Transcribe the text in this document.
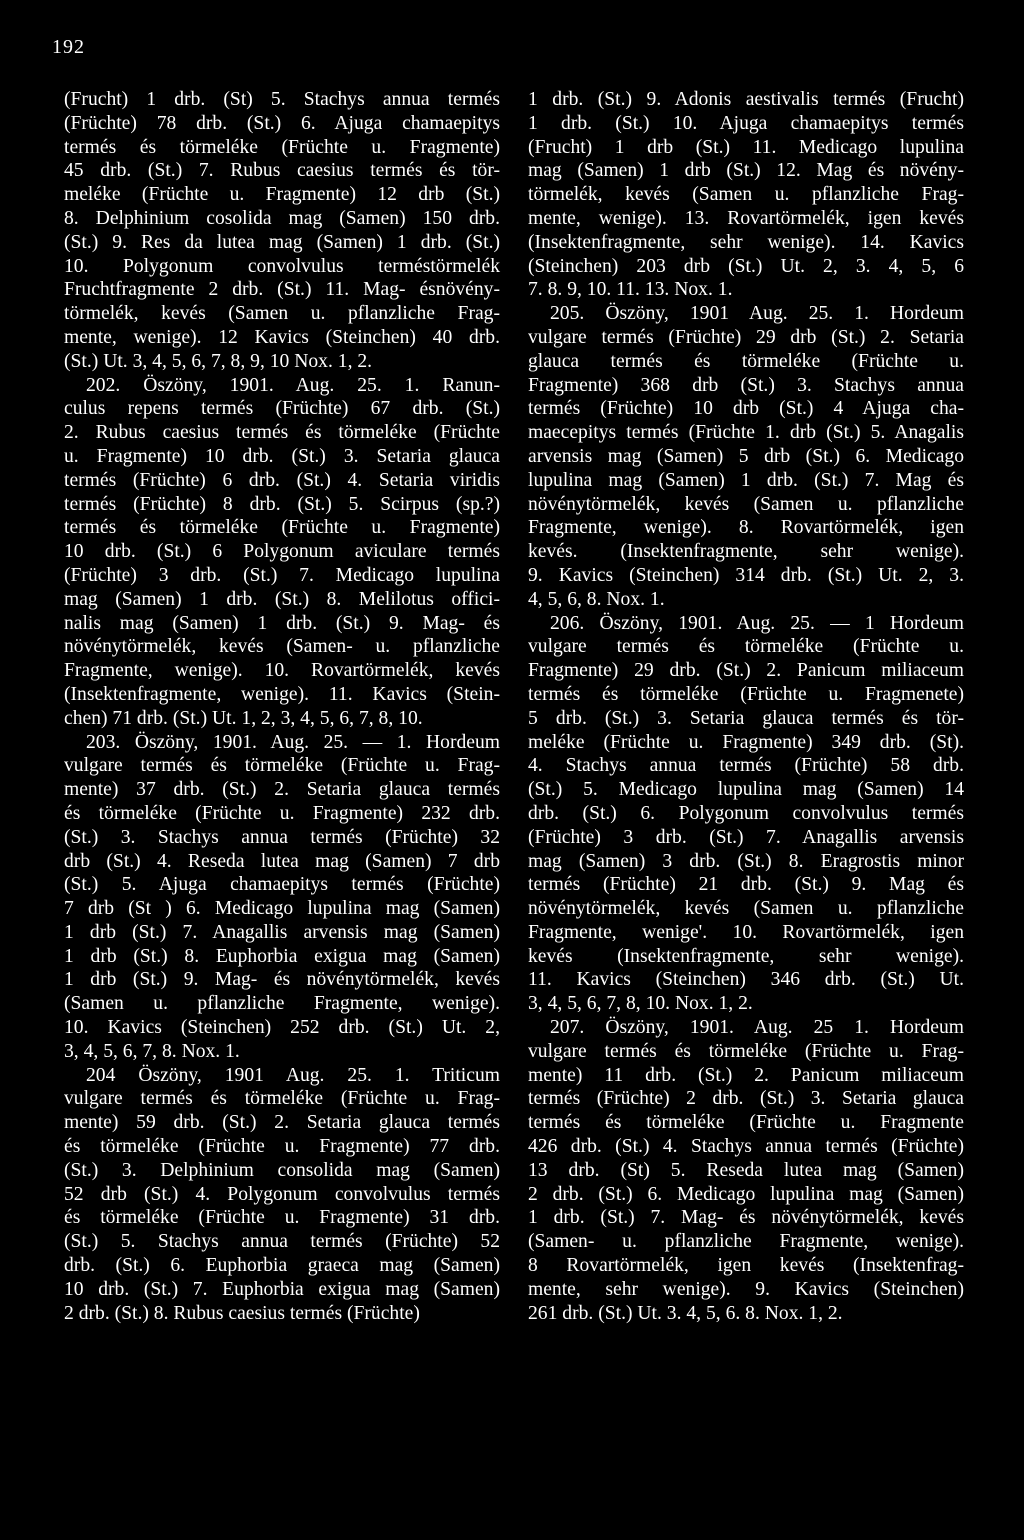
192
(Frucht) 1 drb. (St) 5. Stachys annua termés
(Früchte) 78 drb. (St.) 6. Ajuga chamaepitys
termés és törmeléke (Früchte u. Fragmente)
45 drb. (St.) 7. Rubus caesius termés és tör-
meléke (Früchte u. Fragmente) 12 drb (St.)
8. Delphinium cosolida mag (Samen) 150 drb.
(St.) 9. Res da lutea mag (Samen) 1 drb. (St.)
10. Polygonum convolvulus terméstörmelék
Fruchtfragmente 2 drb. (St.) 11. Mag- ésnövény-
törmelék, kevés (Samen u. pflanzliche Frag-
mente, wenige). 12 Kavics (Steinchen) 40 drb.
(St.) Ut. 3, 4, 5, 6, 7, 8, 9, 10 Nox. 1, 2.
202. Öszöny, 1901. Aug. 25. 1. Ranun-
culus repens termés (Früchte) 67 drb. (St.)
2. Rubus caesius termés és törmeléke (Früchte
u. Fragmente) 10 drb. (St.) 3. Setaria glauca
termés (Früchte) 6 drb. (St.) 4. Setaria viridis
termés (Früchte) 8 drb. (St.) 5. Scirpus (sp.?)
termés és törmeléke (Früchte u. Fragmente)
10 drb. (St.) 6 Polygonum aviculare termés
(Früchte) 3 drb. (St.) 7. Medicago lupulina
mag (Samen) 1 drb. (St.) 8. Melilotus offici-
nalis mag (Samen) 1 drb. (St.) 9. Mag- és
növénytörmelék, kevés (Samen- u. pflanzliche
Fragmente, wenige). 10. Rovartörmelék, kevés
(Insektenfragmente, wenige). 11. Kavics (Stein-
chen) 71 drb. (St.) Ut. 1, 2, 3, 4, 5, 6, 7, 8, 10.
203. Öszöny, 1901. Aug. 25. — 1. Hordeum
vulgare termés és törmeléke (Früchte u. Frag-
mente) 37 drb. (St.) 2. Setaria glauca termés
és törmeléke (Früchte u. Fragmente) 232 drb.
(St.) 3. Stachys annua termés (Früchte) 32
drb (St.) 4. Reseda lutea mag (Samen) 7 drb
(St.) 5. Ajuga chamaepitys termés (Früchte)
7 drb (St ) 6. Medicago lupulina mag (Samen)
1 drb (St.) 7. Anagallis arvensis mag (Samen)
1 drb (St.) 8. Euphorbia exigua mag (Samen)
1 drb (St.) 9. Mag- és növénytörmelék, kevés
(Samen u. pflanzliche Fragmente, wenige).
10. Kavics (Steinchen) 252 drb. (St.) Ut. 2,
3, 4, 5, 6, 7, 8. Nox. 1.
204 Öszöny, 1901 Aug. 25. 1. Triticum
vulgare termés és törmeléke (Früchte u. Frag-
mente) 59 drb. (St.) 2. Setaria glauca termés
és törmeléke (Früchte u. Fragmente) 77 drb.
(St.) 3. Delphinium consolida mag (Samen)
52 drb (St.) 4. Polygonum convolvulus termés
és törmeléke (Früchte u. Fragmente) 31 drb.
(St.) 5. Stachys annua termés (Früchte) 52
drb. (St.) 6. Euphorbia graeca mag (Samen)
10 drb. (St.) 7. Euphorbia exigua mag (Samen)
2 drb. (St.) 8. Rubus caesius termés (Früchte)
1 drb. (St.) 9. Adonis aestivalis termés (Frucht)
1 drb. (St.) 10. Ajuga chamaepitys termés
(Frucht) 1 drb (St.) 11. Medicago lupulina
mag (Samen) 1 drb (St.) 12. Mag és növény-
törmelék, kevés (Samen u. pflanzliche Frag-
mente, wenige). 13. Rovartörmelék, igen kevés
(Insektenfragmente, sehr wenige). 14. Kavics
(Steinchen) 203 drb (St.) Ut. 2, 3. 4, 5, 6
7. 8. 9, 10. 11. 13. Nox. 1.
205. Öszöny, 1901 Aug. 25. 1. Hordeum
vulgare termés (Früchte) 29 drb (St.) 2. Setaria
glauca termés és törmeléke (Früchte u.
Fragmente) 368 drb (St.) 3. Stachys annua
termés (Früchte) 10 drb (St.) 4 Ajuga cha-
maecepitys termés (Früchte 1. drb (St.) 5. Anagalis
arvensis mag (Samen) 5 drb (St.) 6. Medicago
lupulina mag (Samen) 1 drb. (St.) 7. Mag és
növénytörmelék, kevés (Samen u. pflanzliche
Fragmente, wenige). 8. Rovartörmelék, igen
kevés. (Insektenfragmente, sehr wenige).
9. Kavics (Steinchen) 314 drb. (St.) Ut. 2, 3.
4, 5, 6, 8. Nox. 1.
206. Öszöny, 1901. Aug. 25. — 1 Hordeum
vulgare termés és törmeléke (Früchte u.
Fragmente) 29 drb. (St.) 2. Panicum miliaceum
termés és törmeléke (Früchte u. Fragmenete)
5 drb. (St.) 3. Setaria glauca termés és tör-
meléke (Früchte u. Fragmente) 349 drb. (St).
4. Stachys annua termés (Früchte) 58 drb.
(St.) 5. Medicago lupulina mag (Samen) 14
drb. (St.) 6. Polygonum convolvulus termés
(Früchte) 3 drb. (St.) 7. Anagallis arvensis
mag (Samen) 3 drb. (St.) 8. Eragrostis minor
termés (Früchte) 21 drb. (St.) 9. Mag és
növénytörmelék, kevés (Samen u. pflanzliche
Fragmente, wenige'. 10. Rovartörmelék, igen
kevés (Insektenfragmente, sehr wenige).
11. Kavics (Steinchen) 346 drb. (St.) Ut.
3, 4, 5, 6, 7, 8, 10. Nox. 1, 2.
207. Öszöny, 1901. Aug. 25 1. Hordeum
vulgare termés és törmeléke (Früchte u. Frag-
mente) 11 drb. (St.) 2. Panicum miliaceum
termés (Früchte) 2 drb. (St.) 3. Setaria glauca
termés és törmeléke (Früchte u. Fragmente
426 drb. (St.) 4. Stachys annua termés (Früchte)
13 drb. (St) 5. Reseda lutea mag (Samen)
2 drb. (St.) 6. Medicago lupulina mag (Samen)
1 drb. (St.) 7. Mag- és növénytörmelék, kevés
(Samen- u. pflanzliche Fragmente, wenige).
8 Rovartörmelék, igen kevés (Insektenfrag-
mente, sehr wenige). 9. Kavics (Steinchen)
261 drb. (St.) Ut. 3. 4, 5, 6. 8. Nox. 1, 2.
